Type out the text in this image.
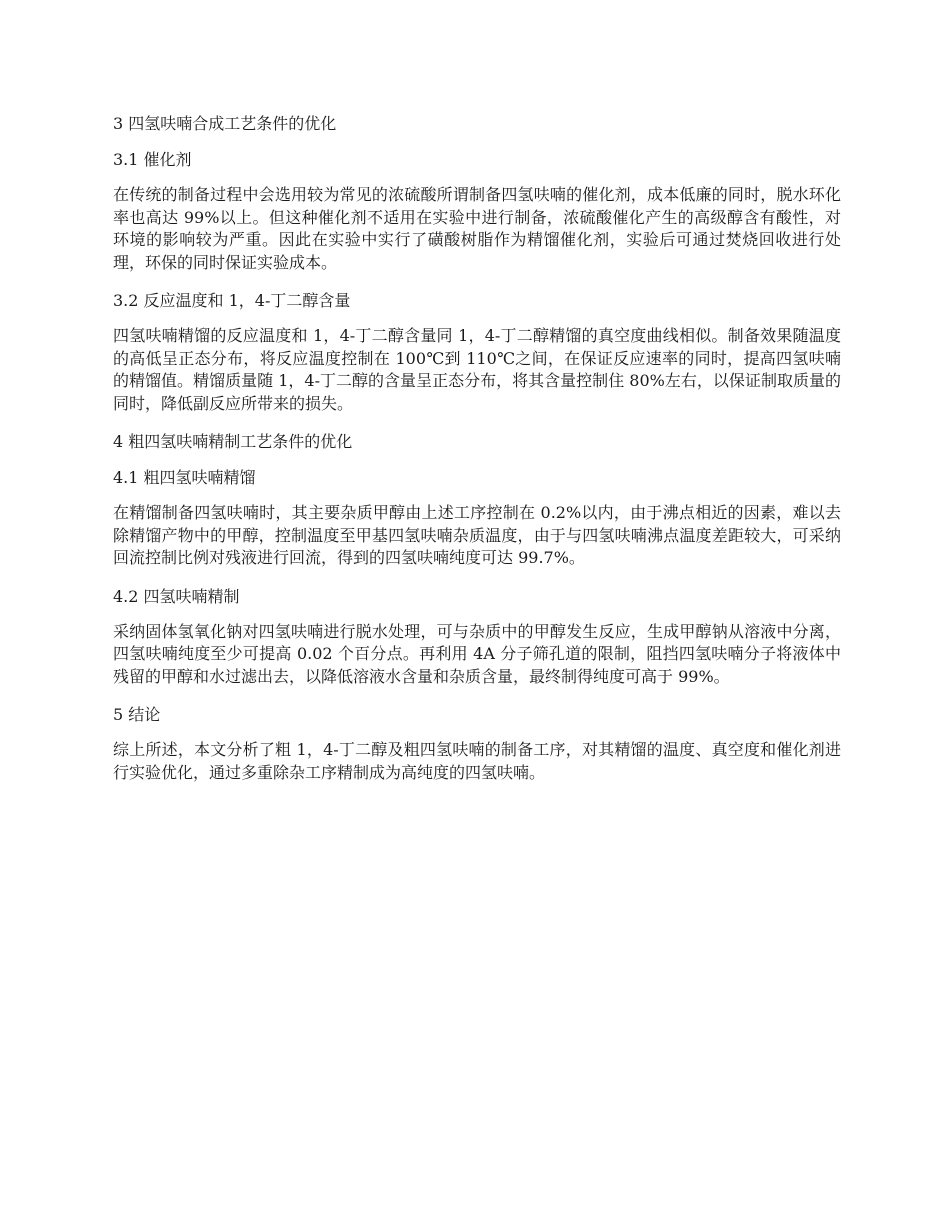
3 四氢呋喃合成工艺条件的优化
3.1 催化剂
在传统的制备过程中会选用较为常见的浓硫酸所谓制备四氢呋喃的催化剂，成本低廉的同时，脱水环化率也高达 99%以上。但这种催化剂不适用在实验中进行制备，浓硫酸催化产生的高级醇含有酸性，对环境的影响较为严重。因此在实验中实行了磺酸树脂作为精馏催化剂，实验后可通过焚烧回收进行处理，环保的同时保证实验成本。
3.2 反应温度和 1，4-丁二醇含量
四氢呋喃精馏的反应温度和 1，4-丁二醇含量同 1，4-丁二醇精馏的真空度曲线相似。制备效果随温度的高低呈正态分布，将反应温度控制在 100℃到 110℃之间，在保证反应速率的同时，提高四氢呋喃的精馏值。精馏质量随 1，4-丁二醇的含量呈正态分布，将其含量控制住 80%左右，以保证制取质量的同时，降低副反应所带来的损失。
4 粗四氢呋喃精制工艺条件的优化
4.1 粗四氢呋喃精馏
在精馏制备四氢呋喃时，其主要杂质甲醇由上述工序控制在 0.2%以内，由于沸点相近的因素，难以去除精馏产物中的甲醇，控制温度至甲基四氢呋喃杂质温度，由于与四氢呋喃沸点温度差距较大，可采纳回流控制比例对残液进行回流，得到的四氢呋喃纯度可达 99.7%。
4.2 四氢呋喃精制
采纳固体氢氧化钠对四氢呋喃进行脱水处理，可与杂质中的甲醇发生反应，生成甲醇钠从溶液中分离，四氢呋喃纯度至少可提高 0.02 个百分点。再利用 4A 分子筛孔道的限制，阻挡四氢呋喃分子将液体中残留的甲醇和水过滤出去，以降低溶液水含量和杂质含量，最终制得纯度可高于 99%。
5 结论
综上所述，本文分析了粗 1，4-丁二醇及粗四氢呋喃的制备工序，对其精馏的温度、真空度和催化剂进行实验优化，通过多重除杂工序精制成为高纯度的四氢呋喃。
